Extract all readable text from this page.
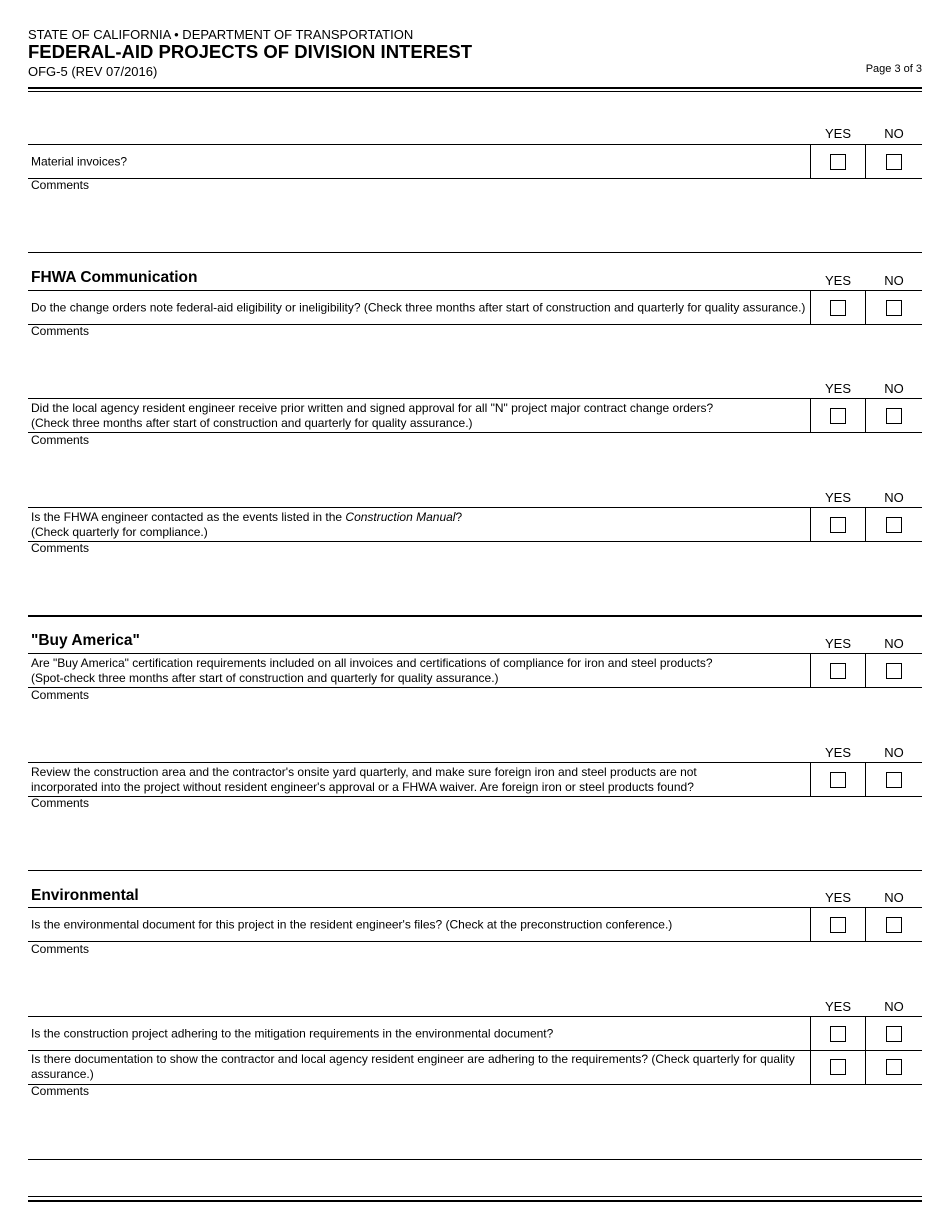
STATE OF CALIFORNIA • DEPARTMENT OF TRANSPORTATION
FEDERAL-AID PROJECTS OF DIVISION INTEREST
OFG-5 (REV 07/2016)	Page 3 of 3
YES	NO
Material invoices?
Comments
FHWA Communication	YES	NO
Do the change orders note federal-aid eligibility or ineligibility? (Check three months after start of construction and quarterly for quality assurance.)
Comments
YES	NO
Did the local agency resident engineer receive prior written and signed approval for all "N" project major contract change orders?
(Check three months after start of construction and quarterly for quality assurance.)
Comments
YES	NO
Is the FHWA engineer contacted as the events listed in the Construction Manual?
(Check quarterly for compliance.)
Comments
"Buy America"	YES	NO
Are "Buy America" certification requirements included on all invoices and certifications of compliance for iron and steel products?
(Spot-check three months after start of construction and quarterly for quality assurance.)
Comments
YES	NO
Review the construction area and the contractor's onsite yard quarterly, and make sure foreign iron and steel products are not
incorporated into the project without resident engineer's approval or a FHWA waiver. Are foreign iron or steel products found?
Comments
Environmental	YES	NO
Is the environmental document for this project in the resident engineer's files? (Check at the preconstruction conference.)
Comments
YES	NO
Is the construction project adhering to the mitigation requirements in the environmental document?
Is there documentation to show the contractor and local agency resident engineer are adhering to the requirements? (Check quarterly for quality assurance.)
Comments
